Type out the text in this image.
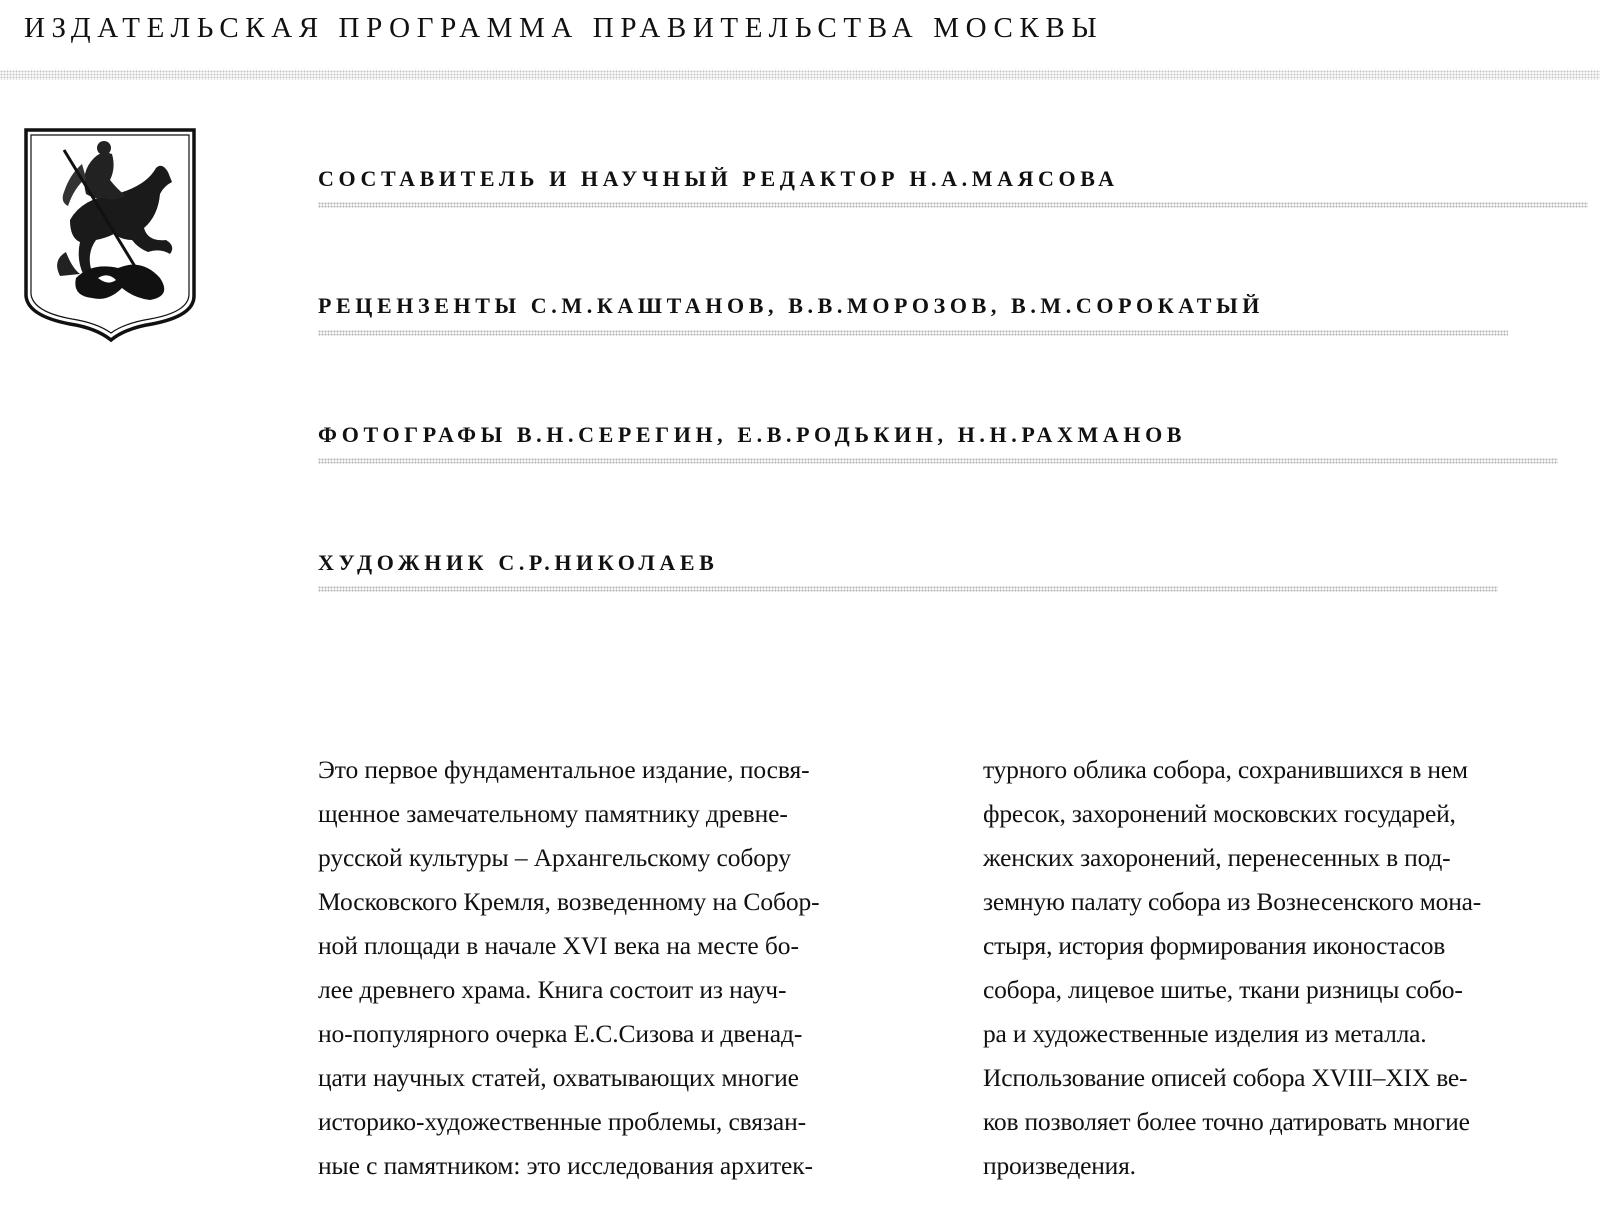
ИЗДАТЕЛЬСКАЯ ПРОГРАММА ПРАВИТЕЛЬСТВА МОСКВЫ
СОСТАВИТЕЛЬ И НАУЧНЫЙ РЕДАКТОР Н.А.МАЯСОВА
РЕЦЕНЗЕНТЫ С.М.КАШТАНОВ, В.В.МОРОЗОВ, В.М.СОРОКАТЫЙ
ФОТОГРАФЫ В.Н.СЕРЕГИН, Е.В.РОДЬКИН, Н.Н.РАХМАНОВ
ХУДОЖНИК С.Р.НИКОЛАЕВ
Это первое фундаментальное издание, посвя-
щенное замечательному памятнику древне-
русской культуры – Архангельскому собору
Московского Кремля, возведенному на Собор-
ной площади в начале XVI века на месте бо-
лее древнего храма. Книга состоит из науч-
но-популярного очерка Е.С.Сизова и двенад-
цати научных статей, охватывающих многие
историко-художественные проблемы, связан-
ные с памятником: это исследования архитек-
турного облика собора, сохранившихся в нем
фресок, захоронений московских государей,
женских захоронений, перенесенных в под-
земную палату собора из Вознесенского мона-
стыря, история формирования иконостасов
собора, лицевое шитье, ткани ризницы собо-
ра и художественные изделия из металла.
Использование описей собора XVIII–XIX ве-
ков позволяет более точно датировать многие
произведения.
